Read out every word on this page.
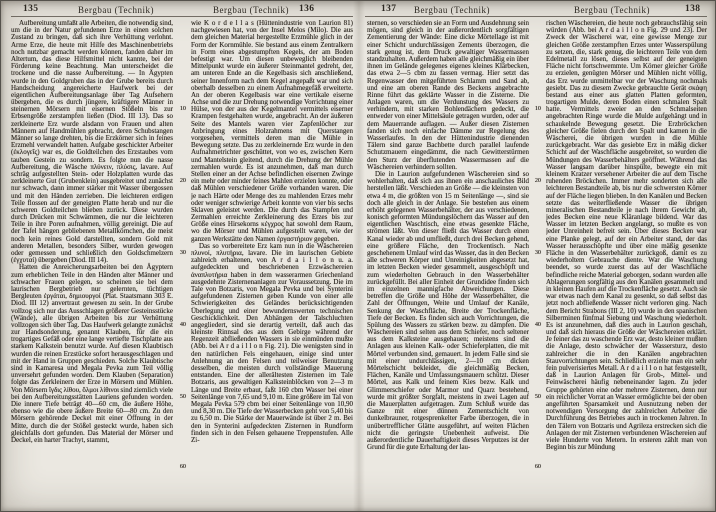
135	Bergbau (Technik)	Bergbau (Technik)	136	137	Bergbau (Technik)	Bergbau (Technik)	138

Aufbereitung umfaßt alle Arbeiten, die notwendig sind, um die in der Natur gefundenen Erze in einen solchen Zustand zu bringen, daß sich ihre Verhüttung verlohnt. Arme Erze, die heute mit Hilfe des Maschinenbetriebs noch nutzbar gemacht werden können, fanden daher im Altertum, das diese Hilfsmittel nicht kannte, bei der Förderung keine Beachtung. Man unterscheidet die trockene und die nasse Aufbereitung. — In Ägypten wurde in den Goldgruben das in der Grube bereits durch Handscheidung angereicherte Haufwerk bei der eigentlichen Aufbereitungsanlage über Tag Aufsehern übergeben, die es durch jüngere, kräftigere Männer in steinernen Mörsern mit eisernen Stößeln bis zur Erbsengröße zerstampfen ließen (Diod. III 13). Das so zerkleinerte Erz wurde alsdann von Frauen und alten Männern auf Handmühlen gebracht, deren Schubstangen Männer so lange drehten, bis die Erzkörner sich in feines Erzmehl verwandelt hatten. Aufgabe geschickter Arbeiter (ἐκλογεῖς) war es, die Goldteilchen des Erzstaubes vom tauben Gestein zu sondern. Es folgte nun die nasse Aufbereitung, die Wäsche πλύνειν, πλύσις, lavare. Auf schräg aufgestellten Stein- oder Holzplatten wurde das zerkleinerte Gut (Grubenklein) ausgebreitet und zunächst nur schwach, dann immer stärker mit Wasser übergossen und mit den Händen zerrieben. Die leichteren erdigen Teile flossen auf der geneigten Platte herab und nur die schweren Goldteilchen blieben zurück. Diese wurden durch Drücken mit Schwämmen, die nur die leichteren Teile in ihre Poren aufnahmen, völlig gereinigt. Die auf der Tafel hängen gebliebenen Metallkörnchen, die meist noch kein reines Gold darstellten, sondern Gold mit anderen Metallen, besonders Silber, wurden gewogen oder gemessen und schließlich den Goldschmelzern (ἐγχυταί) übergeben (Diod. III 14).

Hatten die Anreicherungsarbeiten bei den Ägyptern zum erheblichen Teile in den Händen alter Männer und schwacher Frauen gelegen, so scheinen sie bei dem laurischen Bergbetrieb nur gelernten, tüchtigen Bergleuten ἐργάται, δημιουργοί (Plat. Staatsmann 303 E. Diod. III 12) anvertraut gewesen zu sein. In der Grube vollzog sich nur das Ausschlagen größerer Gesteinsstücke (Wände), alle übrigen Arbeiten bis zur Verhüttung vollzogen sich über Tag. Das Haufwerk gelangte zunächst zur Handsonderung, genannt Klauben, für die ein trogartiges Gefäß oder eine lange vertiefte Tischplatte aus starkem Kalkstein benutzt wurde. Auf diesen Klaubtisch wurden die reinen Erzstücke sofort herausgeschlagen und mit der Hand in Gruppen geschieden. Solche Klaubtische sind in Kamaresa und Megala Pevka zum Teil völlig unversehrt gefunden worden. Dem Klauben (Separation) folgte das Zerkleinern der Erze in Mörsern und Mühlen. Von Mörsern ἴγδις λίθου, ὅλμοι λίθινοι sind ziemlich viele bei den Aufbereitungsstätten Lauriens gefunden worden. Die innere Tiefe beträgt 40—60 cm, die äußere Höhe, ebenso wie die obere äußere Breite 60—80 cm. Zu den Mörsern gehörende Deckel mit einer Öffnung in der Mitte, durch die der Stößel gesteckt wurde, haben sich gleichfalls dort gefunden. Das Material der Mörser und Deckel, ein harter Trachyt, stammt,

10
20
30
40
50
60

wie K o r d e l l a s (Hüttenindustrie von Laurion 81) nachgewiesen hat, von der Insel Melos (Milo). Die aus dem gleichen Material hergestellte Erzmühle glich in der Form der Kornmühle. Sie bestand aus einem Zentralkern in Form eines abgestumpften Kegels, der am Boden befestigt war. Um diesen unbeweglich bleibenden Mittelpunkt wurde ein äußerer Steinmantel gedreht, der, am unteren Ende an die Kegelbasis sich anschließend, seiner Innenform nach dem Kegel angepaßt war und sich oberhalb desselben zu einem Aufnahmegefäß erweiterte. An der oberen Kegelbasis war eine vertikale eiserne Achse und die zur Drehung notwendige Vorrichtung einer Hülse, von der aus der Kegelmantel vermittels eiserner Krampen festgehalten wurde, angebracht. An der äußeren Seite des Mantels waren vier Zapfenlöcher zur Anbringung eines Holzrahmens mit Querstangen vorgesehen, vermittels deren man die Mühle in Bewegung setzte. Das zu zerkleinernde Erz wurde in den Aufnahmetrichter geschüttet, von wo es, zwischen Kern und Mantelstein gleitend, durch die Drehung der Mühle zermahlen wurde. Es ist anzunehmen, daß man durch Stellen einer an der Achse befindlichen eisernen Zwinge ein mehr oder minder feines Mahlen erzielen konnte, oder daß Mühlen verschiedener Größe vorhanden waren. Die je nach Härte oder Menge des zu mahlenden Erzes mehr oder weniger schwierige Arbeit konnte von vier bis sechs Sklaven geleistet werden. Die durch das Stampfen und Zermahlen erreichte Zerkleinerung des Erzes bis zur Größe eines Hirsekorns κέγχρος hat sowohl dem Raum, wo die Mörser und Mühlen aufgestellt waren, wie der ganzen Werkstätte den Namen ἐργαστήριον gegeben.

Das so vorbereitete Erz kam nun in die Wäschereien πλυνοί, πλυτήρια, lavare. Die im laurischen Gebiete zahlreich erhaltenen, von A r d a i l l o n u. a. aufgedeckten und beschriebenen Erzwäschereien ἀναπλυτήρια haben in dem wasserarmen Griechenland ausgedehnte Zisternenanlagen zur Voraussetzung. Die im Tale von Botzaris, von Megala Pevka und bei Synterini aufgefundenen Zisternen geben Kunde von einer alle Schwierigkeiten des Geländes berücksichtigenden Überlegung und einer bewundernswerten technischen Geschicklichkeit. Den Abhängen der Talschluchten angegliedert, sind sie derartig verteilt, daß auch das kleinste Rinnsal des aus dem Gebirge während der Regenzeit abfließenden Wassers in sie einmünden mußte (Abb. bei A r d a i l l o n Fig. 21). Die wenigsten sind in den natürlichen Fels eingehauen, einige sind unter Anlehnung an den Felsen und teilweiser Benutzung desselben, die meisten durch vollständige Mauerung entstanden. Eine der allerältesten Zisternen im Tale Botzaris, aus gewaltigen Kalksteinblöcken von 2—3 m Länge und Breite erbaut, faßt 160 cbm Wasser bei einer Seitenlänge von 7,65 und 9,10 m. Eine größere im Tal von Megala Pevka 579 cbm bei einer Seitenlänge von 10,90 und 8,30 m. Die Tiefe der Wasserbecken geht von 5,40 bis zu 6,50 m. Die Stärke der Mauerwände ist über 2 m. Bei den in Synterini aufgedeckten Zisternen in Rundform finden sich in den Felsen gehauene Treppenstufen. Alle Zi-

sternen, so verschieden sie an Form und Ausdehnung sein mögen, sind gleich in der außerordentlich sorgfältigen Zementierung der Wände: Eine dicke Mörtellage ist mit einer Schicht undurchlässigen Zements überzogen, die stark genug ist, dem Druck gewaltiger Wassermassen standzuhalten. Außerdem haben alle gleichmäßig ein über ihnen im Gelände gelegenes eigenes kleines Klärbecken, das etwa 2—5 cbm zu fassen vermag. Hier setzt das Regenwasser den mitgeführten Schlamm und Sand ab, und eine am oberen Rande des Beckens angebrachte Rinne führt das geklärte Wasser in die Zisterne. Die Anlagen waren, um die Verdunstung des Wassers zu verhindern, mit starken Bohlendächern gedeckt, die entweder von einer Mittelsäule getragen wurden, oder auf dem Mauerrande auflagen. — Außer diesen Zisternen fanden sich noch einfache Dämme zur Regelung des Wasserlaufes. In den der Hüttenindustrie dienenden Tälern sind ganze Bachbette durch parallel laufende Schutzmauern eingedämmt, die nach Gewitterstürmen den Sturz der überflutenden Wassermassen auf die Wäschereien verhindern sollten.

Die in Laurion aufgefundenen Wäschereien sind so wohlerhalten, daß sich aus ihnen ein anschauliches Bild herstellen läßt. Verschieden an Größe — die kleinsten von etwa 4 m, die größten von 15 m Seitenlänge —, sind sie doch alle gleich in der Anlage. Sie bestehen aus einem erhöht gelegenen Wasserbehälter, der aus verschiedenen, konisch geformten Mündungslöchern das Wasser auf den eigentlichen Waschtisch, eine etwas gesenkte Fläche, strömen läßt. Von dieser fließt das Wasser durch einen Kanal wieder ab und umfließt, durch drei Becken gehend, eine größere Fläche, den Trockentisch. Nach geschehenem Umlauf wird das Wasser, das in den Becken alle schweren Körper und Unreinigkeiten abgesetzt hat, im letzten Becken wieder gesammelt, ausgeschöpft und zum wiederholten Gebrauch in den Wasserbehälter zurückgefüllt. Bei aller Einheit der Grundidee finden sich im einzelnen mannigfache Abweichungen. Diese betreffen die Größe und Höhe der Wasserbehälter, die Zahl der Öffnungen, Weite und Umlauf der Kanäle, Senkung der Waschfläche, Breite der Trockenfläche, Tiefe der Becken. Es finden sich auch Vorrichtungen, die Spülung des Wassers zu stärken bezw. zu dämpfen. Die Wäschereien sind selten aus dem Schiefer, noch seltener aus dem Kalksteine ausgehauen; meistens sind die Anlagen aus kleinen Kalk- oder Schieferplatten, die mit Mörtel verbunden sind, gemauert. In jedem Falle sind sie mit einer undurchlässigen, 2—10 cm dicken Mörtelschicht bekleidet, die gleichmäßig Becken, Flächen, Kanäle und Umfassungsmauern schützt. Dieser Mörtel, aus Kalk und feinem Kies bezw. Kalk und Glimmerschiefer oder Marmor und Quarz bestehend, wurde mit größter Sorgfalt, meistens in zwei Lagen auf die Mauerplatten aufgetragen. Zum Schluß wurde das Ganze mit einer dünnen Zementschicht von dunkelbrauner, rotgesprenkelter Farbe überzogen, die in unübertrefflicher Glätte ausgeführt, auf weiten Flächen nicht die geringste Unebenheit aufweist. Die außerordentliche Dauerhaftigkeit dieses Verputzes ist der Grund für die gute Erhaltung der lau-

10
20
30
40
50
60

rischen Wäschereien, die heute noch gebrauchsfähig sein würden (Abb. bei A r d a i l l o n Fig. 29 und 23). Der Zweck der Wäscherei war, eine gewisse Menge zur gleichen Größe zerstampften Erzes unter Wasserspülung zu setzen, die, stark genug, die leichteren Teile von dem Edelmetall zu lösen, dieses selbst auf der geneigten Fläche nicht fortschwemmte. Um Körner gleicher Größe zu erzielen, genügten Mörser und Mühlen nicht völlig, das Erz wurde unmittelbar vor der Waschung nochmals gesiebt. Das zu diesem Zwecke gebrauchte Gerät σκάφη bestand aus einer aus glatten Platten geformten, trogartigen Mulde, deren Boden einen schmalen Spalt hatte. Vermittels zweier an den Schmalseiten angebrachten Ringe wurde die Mulde aufgehängt und in schaukelnde Bewegung gesetzt. Die Erzbröckchen gleicher Größe fielen durch den Spalt und kamen in die Wäscherei, die übrigen wurden in die Mühle zurückgebracht. War das gesiebte Erz in mäßig dicker Schicht auf der Waschfläche ausgebreitet, so wurden die Mündungen des Wasserbehälters geöffnet. Während das Wasser langsam darüber hinspülte, bewegte ein mit kleinem Kratzer versehener Arbeiter die auf dem Tische ruhenden Bröckchen. Immer mehr sonderten sich alle leichteren Bestandteile ab, bis nur die schwersten Körner auf der Fläche liegen blieben. In den Kanälen und Becken setzte das weiterfließende Wasser die übrigen mineralischen Bestandteile je nach ihrem Gewicht ab, jedes Becken eine neue Kläranlage bildend. War das Wasser im letzten Becken angelangt, so mußte es von jeder Unreinheit befreit sein. Über dieses Becken war eine Planke gelegt, auf der ein Arbeiter stand, der das Wasser herausschöpfte und über eine mäßig gesenkte Fläche in den Wasserbehälter zurückgoß, damit es zu wiederholtem Gebrauche diente. War die Waschung beendet, so wurde zuerst das auf der Waschfläche befindliche reiche Material geborgen, sodann wurden alle Ablagerungen sorgfältig aus den Kanälen gesammelt und in kleinen Haufen auf die Trockenfläche gesetzt. Auch sie war etwas nach dem Kanal zu gesenkt, so daß selbst das jetzt noch abfließende Wasser nicht verloren ging. Nach dem Bericht Strabons (III 2, 10) wurde in den spanischen Silberminen fünfmal Siebung und Waschung wiederholt. Es ist anzunehmen, daß dies auch in Laurion geschah, und daß sich hieraus die Größe der Wäschereien erklärt. Je feiner das zu waschende Erz war, desto kleiner mußten die Anlage, desto schwächer der Wassersturz, desto zahlreicher die in den Kanälen angebrachten Stauvorrichtungen sein. Schließlich erzielte man ein sehr fein pulverisiertes Metall. A r d a i l l o n hat festgestellt, daß in Laurion Anlagen für Grob-, Mittel- und Feinwäscherei häufig nebeneinander lagen. Zu jeder Gruppe gehörten eine oder mehrere Zisternen, denn nur ein reichlicher Vorrat an Wasser ermöglichte bei der oben angeführten Sparsamkeit und Ausnutzung neben der notwendigen Versorgung der zahlreichen Arbeiter die Durchführung des Betriebes auch in trockenen Jahren. In den Tälern von Botzaris und Agrileza erstrecken sich die Anlagen der mit Zisternen verbundenen Wäschereien auf viele Hunderte von Metern. In ersteren zählt man von Beginn bis zur Mündung
